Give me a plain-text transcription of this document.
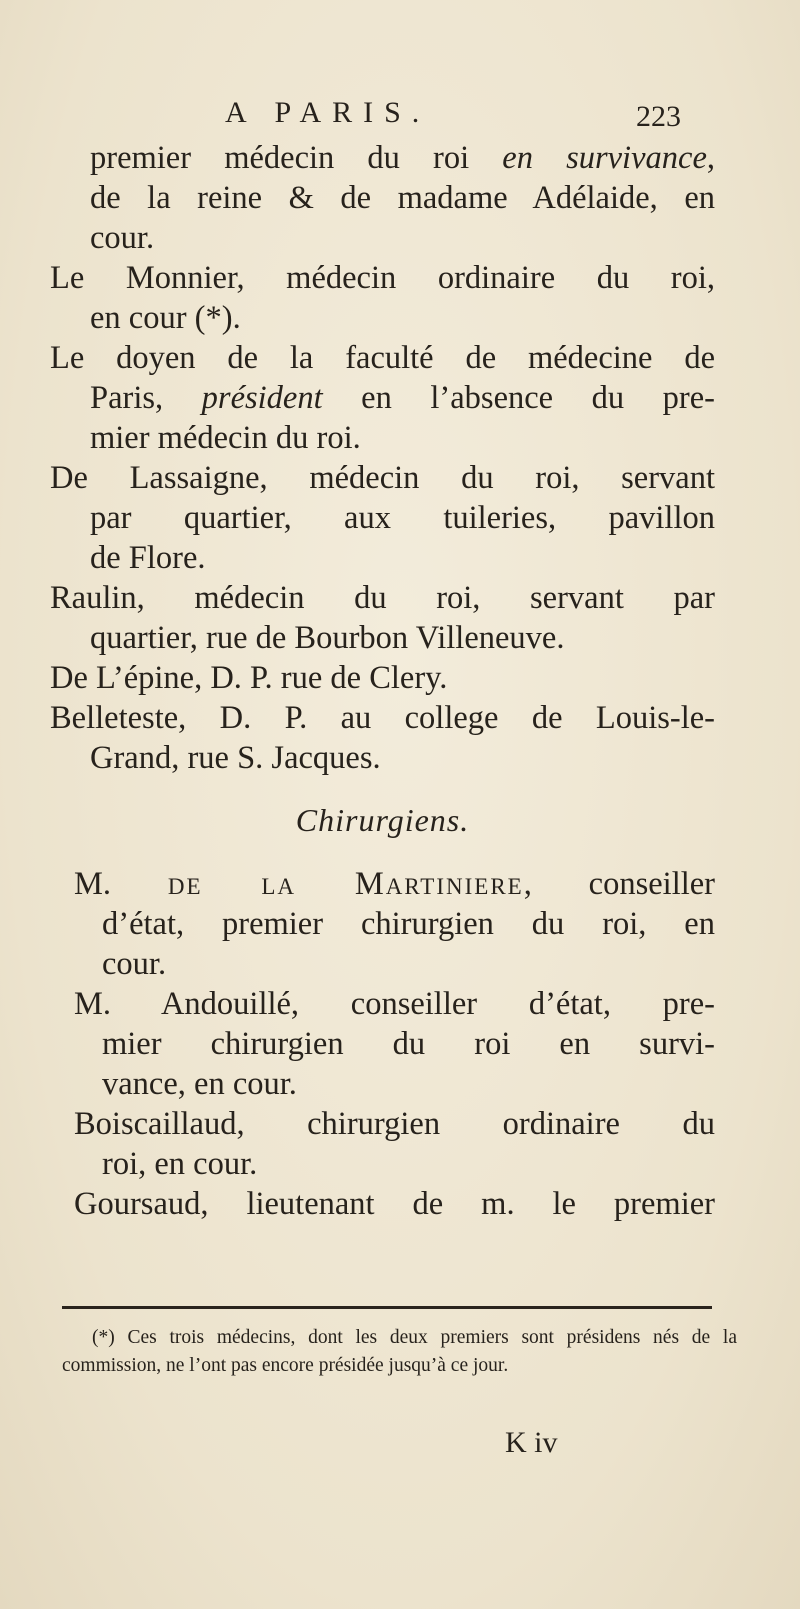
A PARIS.	223
premier médecin du roi en survivance,
de la reine & de madame Adélaide, en
cour.
Le Monnier, médecin ordinaire du roi,
en cour (*).
Le doyen de la faculté de médecine de
Paris, président en l’absence du pre-
mier médecin du roi.
De Lassaigne, médecin du roi, servant
par quartier, aux tuileries, pavillon
de Flore.
Raulin, médecin du roi, servant par
quartier, rue de Bourbon Villeneuve.
De L’épine, D. P. rue de Clery.
Belleteste, D. P. au college de Louis-le-
Grand, rue S. Jacques.
Chirurgiens.
M. de la Martiniere, conseiller
d’état, premier chirurgien du roi, en
cour.
M. Andouillé, conseiller d’état, pre-
mier chirurgien du roi en survi-
vance, en cour.
Boiscaillaud, chirurgien ordinaire du
roi, en cour.
Goursaud, lieutenant de m. le premier
(*) Ces trois médecins, dont les deux premiers sont présidens nés de la commission, ne l’ont pas encore présidée jusqu’à ce jour.
K iv
